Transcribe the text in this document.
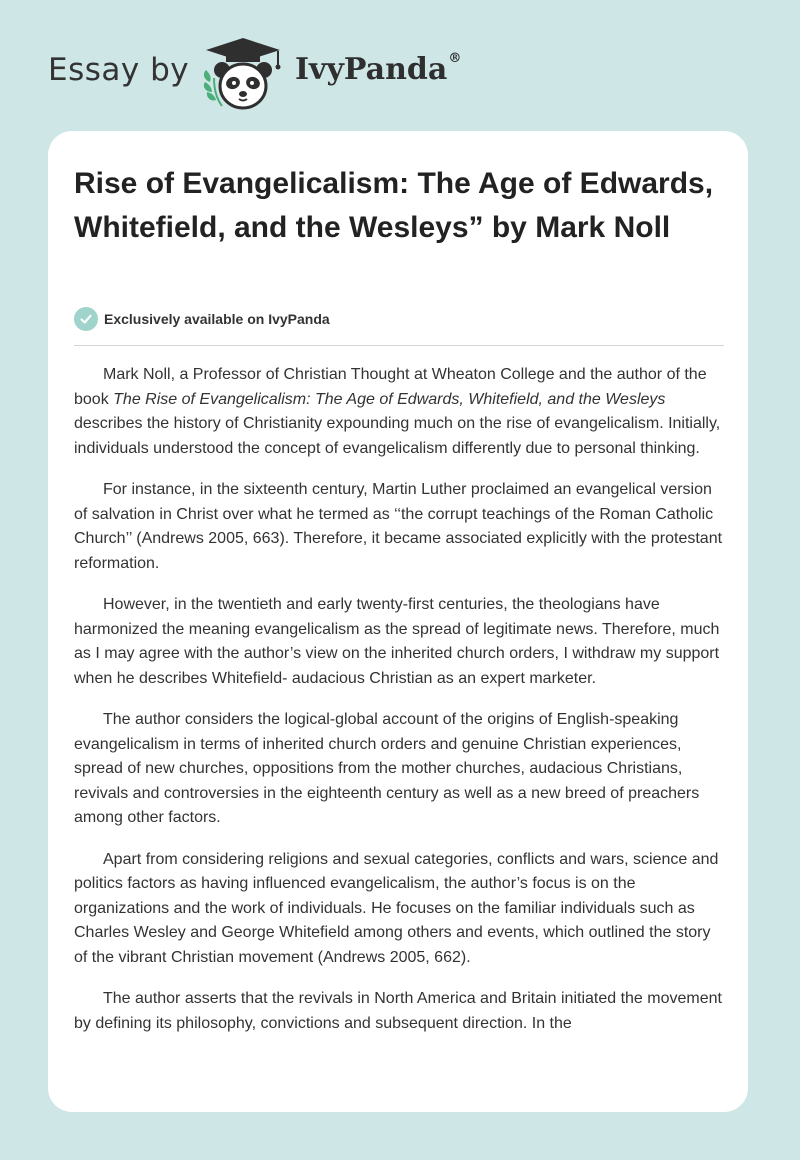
Essay by	IvyPanda®
Rise of Evangelicalism: The Age of Edwards, Whitefield, and the Wesleys” by Mark Noll
Exclusively available on IvyPanda

Mark Noll, a Professor of Christian Thought at Wheaton College and the author of the book The Rise of Evangelicalism: The Age of Edwards, Whitefield, and the Wesleys describes the history of Christianity expounding much on the rise of evangelicalism. Initially, individuals understood the concept of evangelicalism differently due to personal thinking.

For instance, in the sixteenth century, Martin Luther proclaimed an evangelical version of salvation in Christ over what he termed as ‘‘the corrupt teachings of the Roman Catholic Church’’ (Andrews 2005, 663). Therefore, it became associated explicitly with the protestant reformation.

However, in the twentieth and early twenty-first centuries, the theologians have harmonized the meaning evangelicalism as the spread of legitimate news. Therefore, much as I may agree with the author’s view on the inherited church orders, I withdraw my support when he describes Whitefield- audacious Christian as an expert marketer.

The author considers the logical-global account of the origins of English-speaking evangelicalism in terms of inherited church orders and genuine Christian experiences, spread of new churches, oppositions from the mother churches, audacious Christians, revivals and controversies in the eighteenth century as well as a new breed of preachers among other factors.

Apart from considering religions and sexual categories, conflicts and wars, science and politics factors as having influenced evangelicalism, the author’s focus is on the organizations and the work of individuals. He focuses on the familiar individuals such as Charles Wesley and George Whitefield among others and events, which outlined the story of the vibrant Christian movement (Andrews 2005, 662).

The author asserts that the revivals in North America and Britain initiated the movement by defining its philosophy, convictions and subsequent direction. In the
